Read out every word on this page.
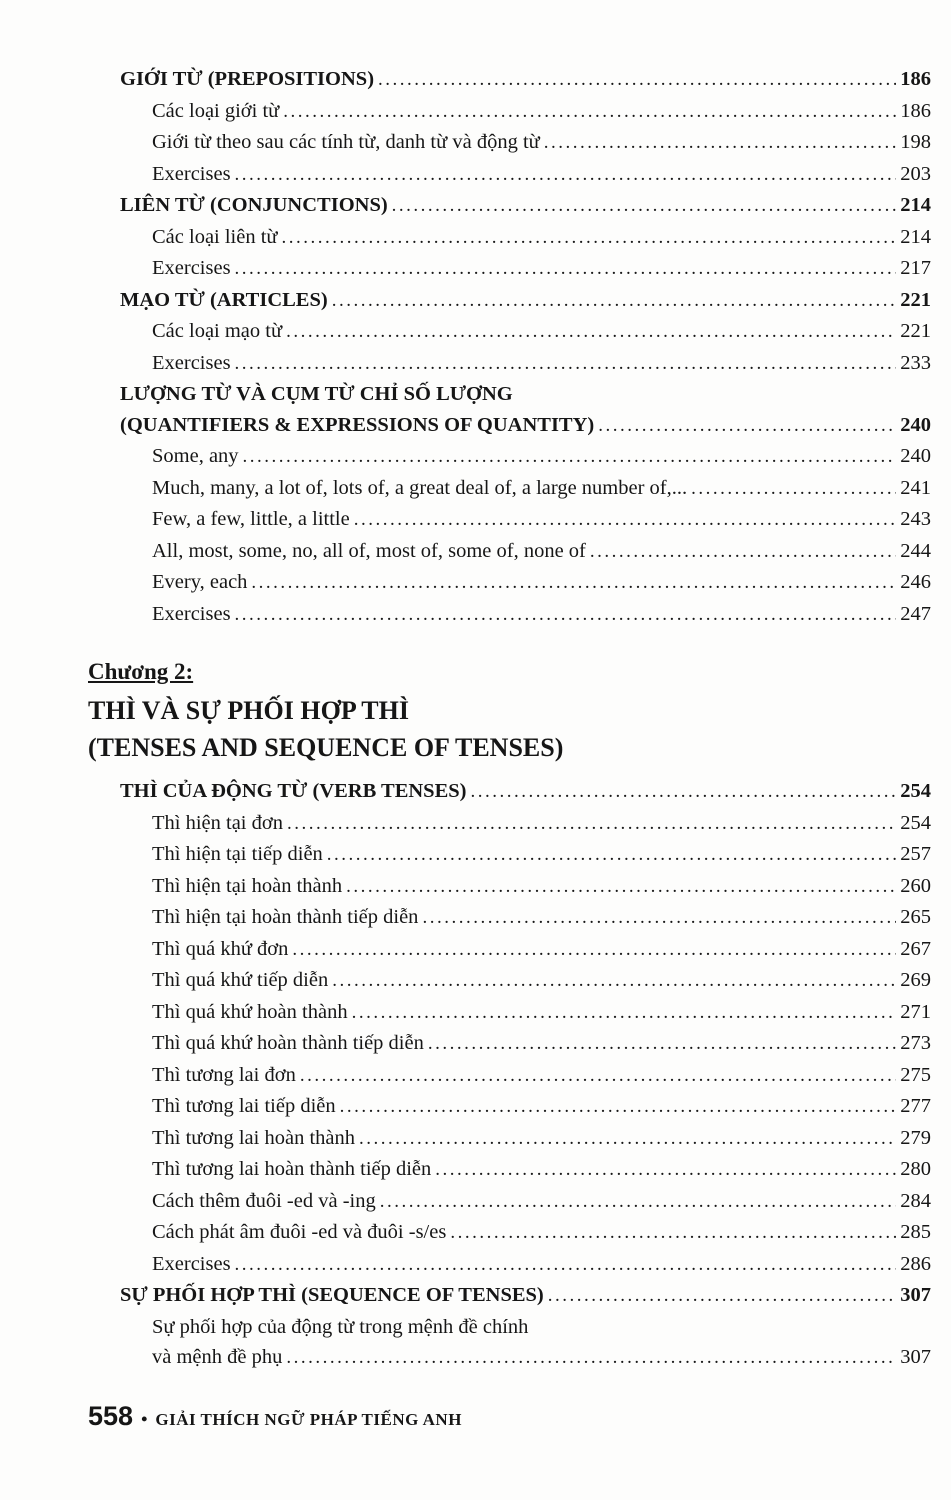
GIỚI TỪ (PREPOSITIONS) .....	186
Các loại giới từ .....	186
Giới từ theo sau các tính từ, danh từ và động từ .....	198
Exercises .....	203
LIÊN TỪ (CONJUNCTIONS) .....	214
Các loại liên từ .....	214
Exercises .....	217
MẠO TỪ (ARTICLES) .....	221
Các loại mạo từ .....	221
Exercises .....	233
LƯỢNG TỪ VÀ CỤM TỪ CHỈ SỐ LƯỢNG
(QUANTIFIERS & EXPRESSIONS OF QUANTITY) .....	240
Some, any .....	240
Much, many, a lot of, lots of, a great deal of, a large number of,... .....	241
Few, a few, little, a little .....	243
All, most, some, no, all of, most of, some of, none of .....	244
Every, each .....	246
Exercises .....	247
Chương 2:
THÌ VÀ SỰ PHỐI HỢP THÌ
(TENSES AND SEQUENCE OF TENSES)
THÌ CỦA ĐỘNG TỪ (VERB TENSES) .....	254
Thì hiện tại đơn .....	254
Thì hiện tại tiếp diễn .....	257
Thì hiện tại hoàn thành .....	260
Thì hiện tại hoàn thành tiếp diễn .....	265
Thì quá khứ đơn .....	267
Thì quá khứ tiếp diễn .....	269
Thì quá khứ hoàn thành .....	271
Thì quá khứ hoàn thành tiếp diễn .....	273
Thì tương lai đơn .....	275
Thì tương lai tiếp diễn .....	277
Thì tương lai hoàn thành .....	279
Thì tương lai hoàn thành tiếp diễn .....	280
Cách thêm đuôi -ed và -ing .....	284
Cách phát âm đuôi -ed và đuôi -s/es .....	285
Exercises .....	286
SỰ PHỐI HỢP THÌ (SEQUENCE OF TENSES) .....	307
Sự phối hợp của động từ trong mệnh đề chính
và mệnh đề phụ .....	307
558 • GIẢI THÍCH NGỮ PHÁP TIẾNG ANH
